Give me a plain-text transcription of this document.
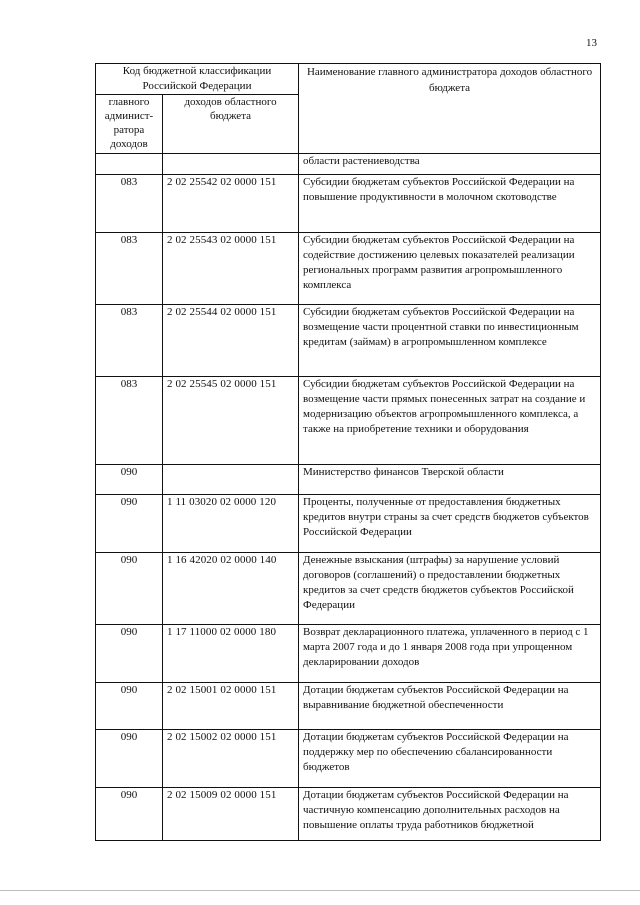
13
Код бюджетной классификации Российской Федерации		Наименование главного администратора доходов областного бюджета
главного админист-ратора доходов	доходов областного бюджета	
		области растениеводства
083	2 02 25542 02 0000 151	Субсидии бюджетам субъектов Российской Федерации на повышение продуктивности в молочном скотоводстве
083	2 02 25543 02 0000 151	Субсидии бюджетам субъектов Российской Федерации на содействие достижению целевых показателей реализации региональных программ развития агропромышленного комплекса
083	2 02 25544 02 0000 151	Субсидии бюджетам субъектов Российской Федерации на возмещение части процентной ставки по инвестиционным кредитам (займам) в агропромышленном комплексе
083	2 02 25545 02 0000 151	Субсидии бюджетам субъектов Российской Федерации на возмещение части прямых понесенных затрат на создание и модернизацию объектов агропромышленного комплекса, а также на приобретение техники и оборудования
090		Министерство финансов Тверской области
090	1 11 03020 02 0000 120	Проценты, полученные от предоставления бюджетных кредитов внутри страны за счет средств бюджетов субъектов Российской Федерации
090	1 16 42020 02 0000 140	Денежные взыскания (штрафы) за нарушение условий договоров (соглашений) о предоставлении бюджетных кредитов за счет средств бюджетов субъектов Российской Федерации
090	1 17 11000 02 0000 180	Возврат декларационного платежа, уплаченного в период с 1 марта 2007 года и до 1 января 2008 года при упрощенном декларировании доходов
090	2 02 15001 02 0000 151	Дотации бюджетам субъектов Российской Федерации на выравнивание бюджетной обеспеченности
090	2 02 15002 02 0000 151	Дотации бюджетам субъектов Российской Федерации на поддержку мер по обеспечению сбалансированности бюджетов
090	2 02 15009 02 0000 151	Дотации бюджетам субъектов Российской Федерации на частичную компенсацию дополнительных расходов на повышение оплаты труда работников бюджетной
